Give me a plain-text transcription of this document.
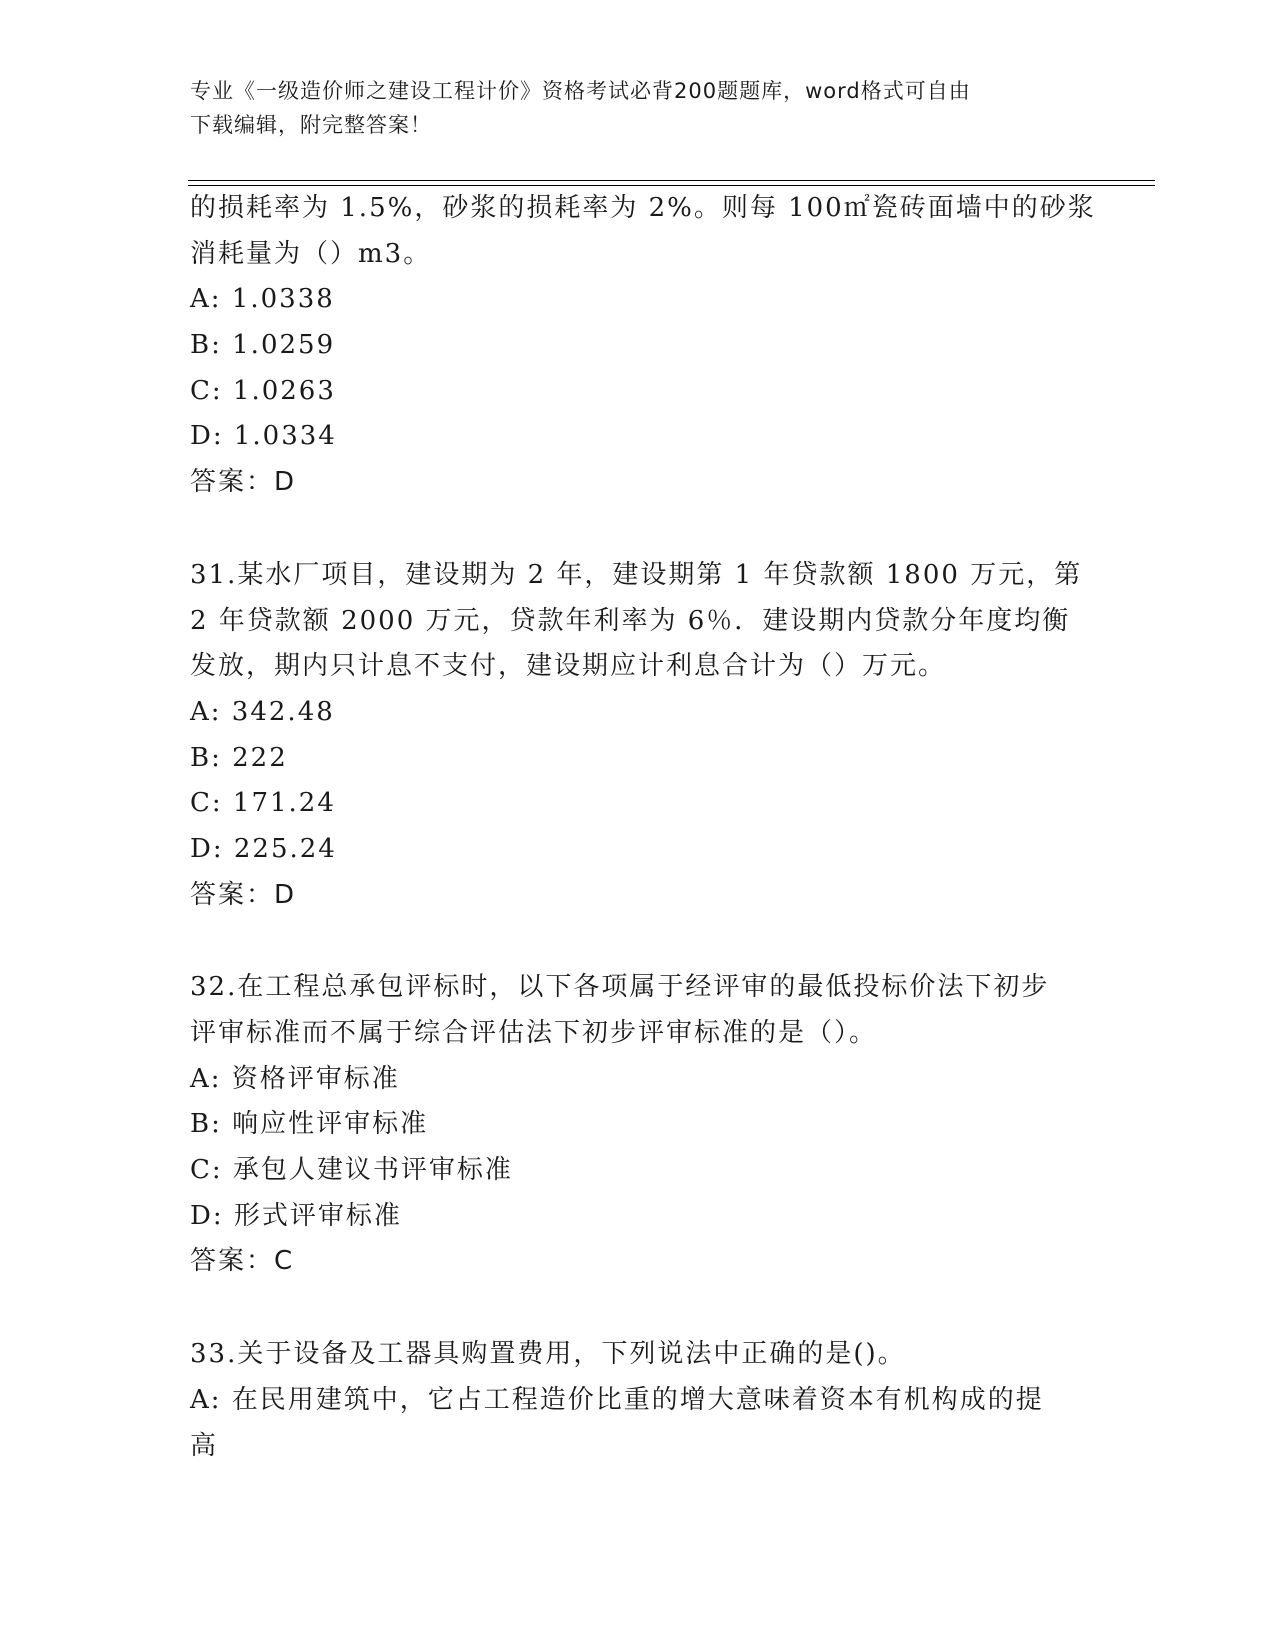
专业《一级造价师之建设工程计价》资格考试必背200题题库，word格式可自由
下载编辑，附完整答案！
的损耗率为 1.5%，砂浆的损耗率为 2%。则每 100㎡瓷砖面墙中的砂浆
消耗量为（）m3。
A: 1.0338
B: 1.0259
C: 1.0263
D: 1.0334
答案：D
31.某水厂项目，建设期为 2 年，建设期第 1 年贷款额 1800 万元，第
2 年贷款额 2000 万元，贷款年利率为 6％．建设期内贷款分年度均衡
发放，期内只计息不支付，建设期应计利息合计为（）万元。
A: 342.48
B: 222
C: 171.24
D: 225.24
答案：D
32.在工程总承包评标时，以下各项属于经评审的最低投标价法下初步
评审标准而不属于综合评估法下初步评审标准的是（）。
A: 资格评审标准
B: 响应性评审标准
C: 承包人建议书评审标准
D: 形式评审标准
答案：C
33.关于设备及工器具购置费用，下列说法中正确的是()。
A: 在民用建筑中，它占工程造价比重的增大意味着资本有机构成的提
高
